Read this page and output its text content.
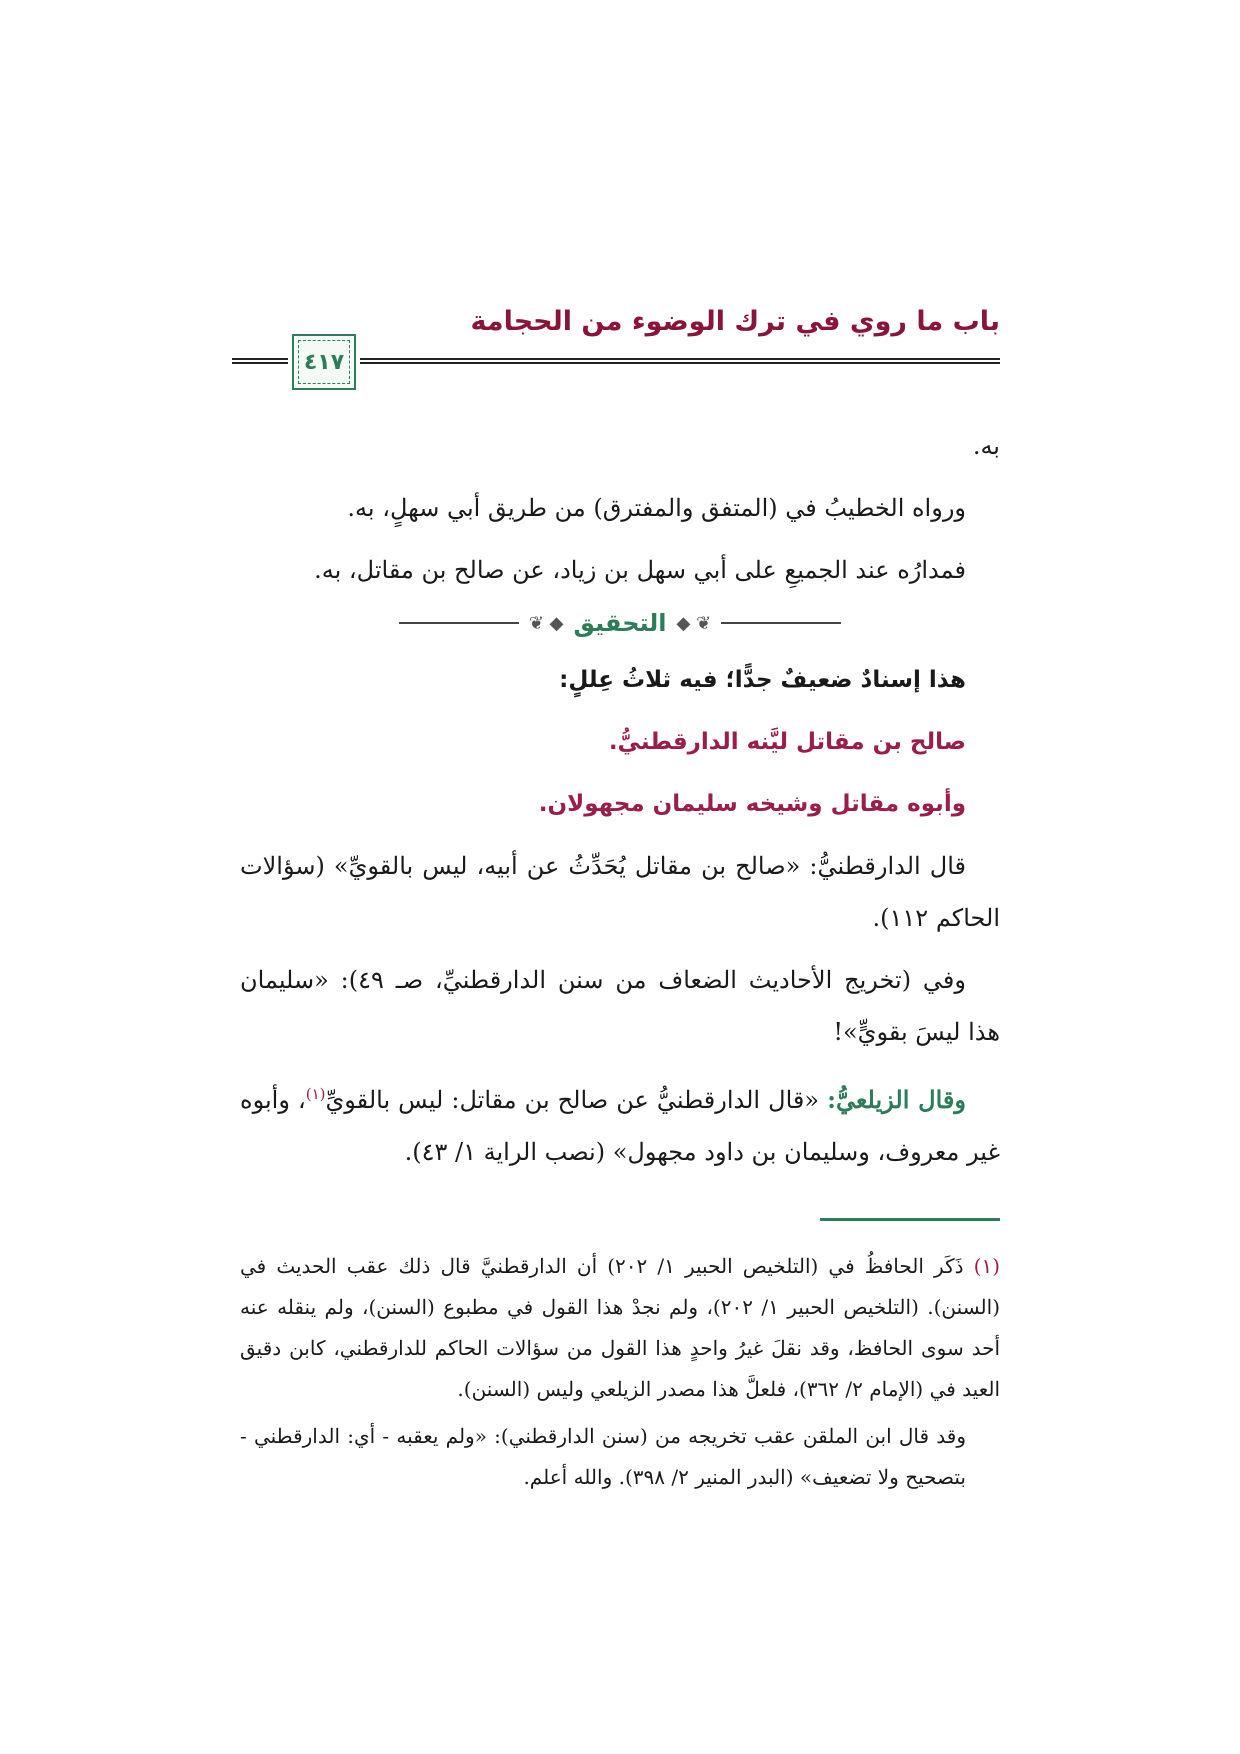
باب ما روي في ترك الوضوء من الحجامة
٤١٧

به.

ورواه الخطيبُ في (المتفق والمفترق) من طريق أبي سهلٍ، به.

فمدارُه عند الجميعِ على أبي سهل بن زياد، عن صالح بن مقاتل، به.

❦ ◆
التحقيق
◆ ❦

هذا إسنادٌ ضعيفٌ جدًّا؛ فيه ثلاثُ عِللٍ:

صالح بن مقاتل ليَّنه الدارقطنيُّ.

وأبوه مقاتل وشيخه سليمان مجهولان.

قال الدارقطنيُّ: «صالح بن مقاتل يُحَدِّثُ عن أبيه، ليس بالقويِّ» (سؤالات الحاكم ١١٢).

وفي (تخريج الأحاديث الضعاف من سنن الدارقطنيِّ، صـ ٤٩): «سليمان هذا ليسَ بقويٍّ»!

وقال الزيلعيُّ: «قال الدارقطنيُّ عن صالح بن مقاتل: ليس بالقويِّ$^{(١)}$، وأبوه غير معروف، وسليمان بن داود مجهول» (نصب الراية ١/ ٤٣).

(١) ذَكَر الحافظُ في (التلخيص الحبير ١/ ٢٠٢) أن الدارقطنيَّ قال ذلك عقب الحديث في (السنن). (التلخيص الحبير ١/ ٢٠٢)، ولم نجدْ هذا القول في مطبوع (السنن)، ولم ينقله عنه أحد سوى الحافظ، وقد نقلَ غيرُ واحدٍ هذا القول من سؤالات الحاكم للدارقطني، كابن دقيق العيد في (الإمام ٢/ ٣٦٢)، فلعلَّ هذا مصدر الزيلعي وليس (السنن).

وقد قال ابن الملقن عقب تخريجه من (سنن الدارقطني): «ولم يعقبه - أي: الدارقطني - بتصحيح ولا تضعيف» (البدر المنير ٢/ ٣٩٨). والله أعلم.
